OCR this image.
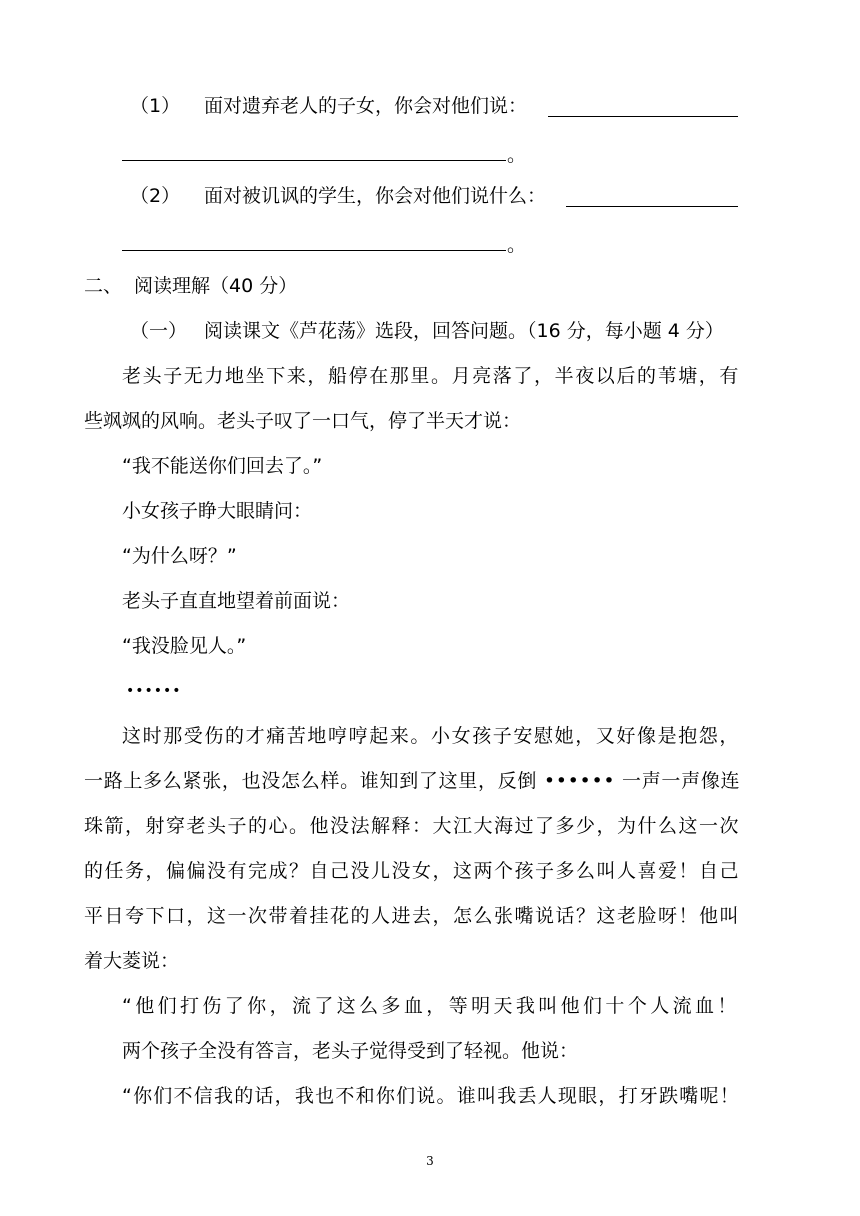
（1） 面对遗弃老人的子女，你会对他们说：
。
（2） 面对被讥讽的学生，你会对他们说什么：
。
二、 阅读理解（40 分）
（一） 阅读课文《芦花荡》选段，回答问题。（16 分，每小题 4 分）
老头子无力地坐下来，船停在那里。月亮落了，半夜以后的苇塘，有
些飒飒的风响。老头子叹了一口气，停了半天才说：
“我不能送你们回去了。”
小女孩子睁大眼睛问：
“为什么呀？”
老头子直直地望着前面说：
“我没脸见人。”
••••••
这时那受伤的才痛苦地哼哼起来。小女孩子安慰她，又好像是抱怨，
一路上多么紧张，也没怎么样。谁知到了这里，反倒 •••••• 一声一声像连
珠箭，射穿老头子的心。他没法解释：大江大海过了多少，为什么这一次
的任务，偏偏没有完成？自己没儿没女，这两个孩子多么叫人喜爱！自己
平日夸下口，这一次带着挂花的人进去，怎么张嘴说话？这老脸呀！他叫
着大菱说：
“他们打伤了你，流了这么多血，等明天我叫他们十个人流血！
两个孩子全没有答言，老头子觉得受到了轻视。他说：
“你们不信我的话，我也不和你们说。谁叫我丢人现眼，打牙跌嘴呢！
3
